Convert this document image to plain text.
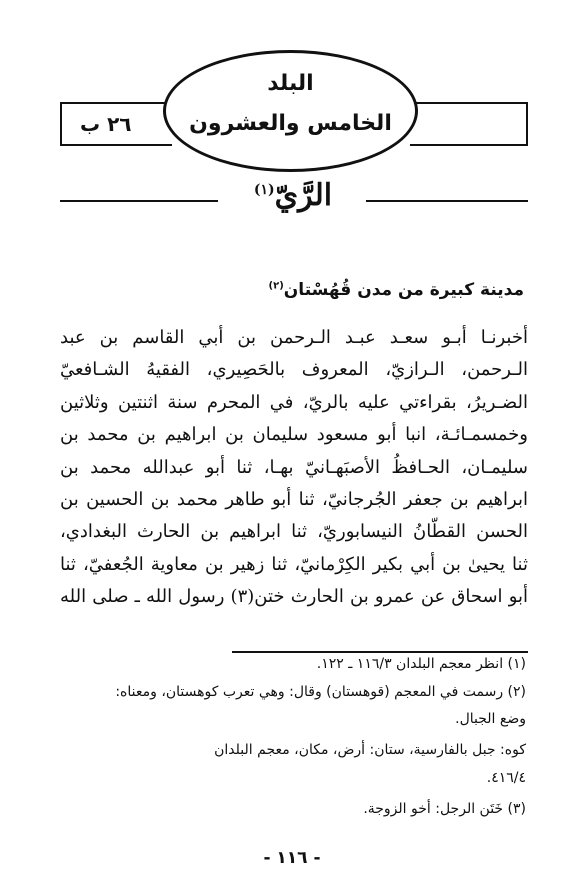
البلد
الخامس والعشرون
٢٦ ب
الرَّيّ$^{(١)}$
مدينة كبيرة من مدن قُهُسْتان$^{(٢)}$

أخبرنـا أبـو سعـد عبـد الـرحمن بن أبي القاسم بن عبد

الـرحمن، الـرازيّ، المعروف بالحَصِيري، الفقيهُ الشـافعيّ

الضـريرُ، بقراءتي عليه بالريّ، في المحرم سنة اثنتين وثلاثين

وخمسمـائـة، انبا أبو مسعود سليمان بن ابراهيم بن محمد بن

سليمـان، الحـافظُ الأصبَهـانيّ بهـا، ثنا أبو عبدالله محمد بن

ابراهيم بن جعفر الجُرجانيّ، ثنا أبو طاهر محمد بن الحسين بن

الحسن القطّانُ النيسابوريّ، ثنا ابراهيم بن الحارث البغدادي،

ثنا يحيىٰ بن أبي بكير الكِرْمانيّ، ثنا زهير بن معاوية الجُعفيّ، ثنا

أبو اسحاق عن عمرو بن الحارث ختن(٣) رسول الله ـ صلى الله

(١) انظر معجم البلدان ١١٦/٣ ـ ١٢٢.
(٢) رسمت في المعجم (قوهستان) وقال: وهي تعرب كوهستان، ومعناه:
وضع الجبال.
كوه: جبل بالفارسية، ستان: أرض، مكان، معجم البلدان
٤١٦/٤.
(٣) خَتَن الرجل: أخو الزوجة.
- ١١٦ -
